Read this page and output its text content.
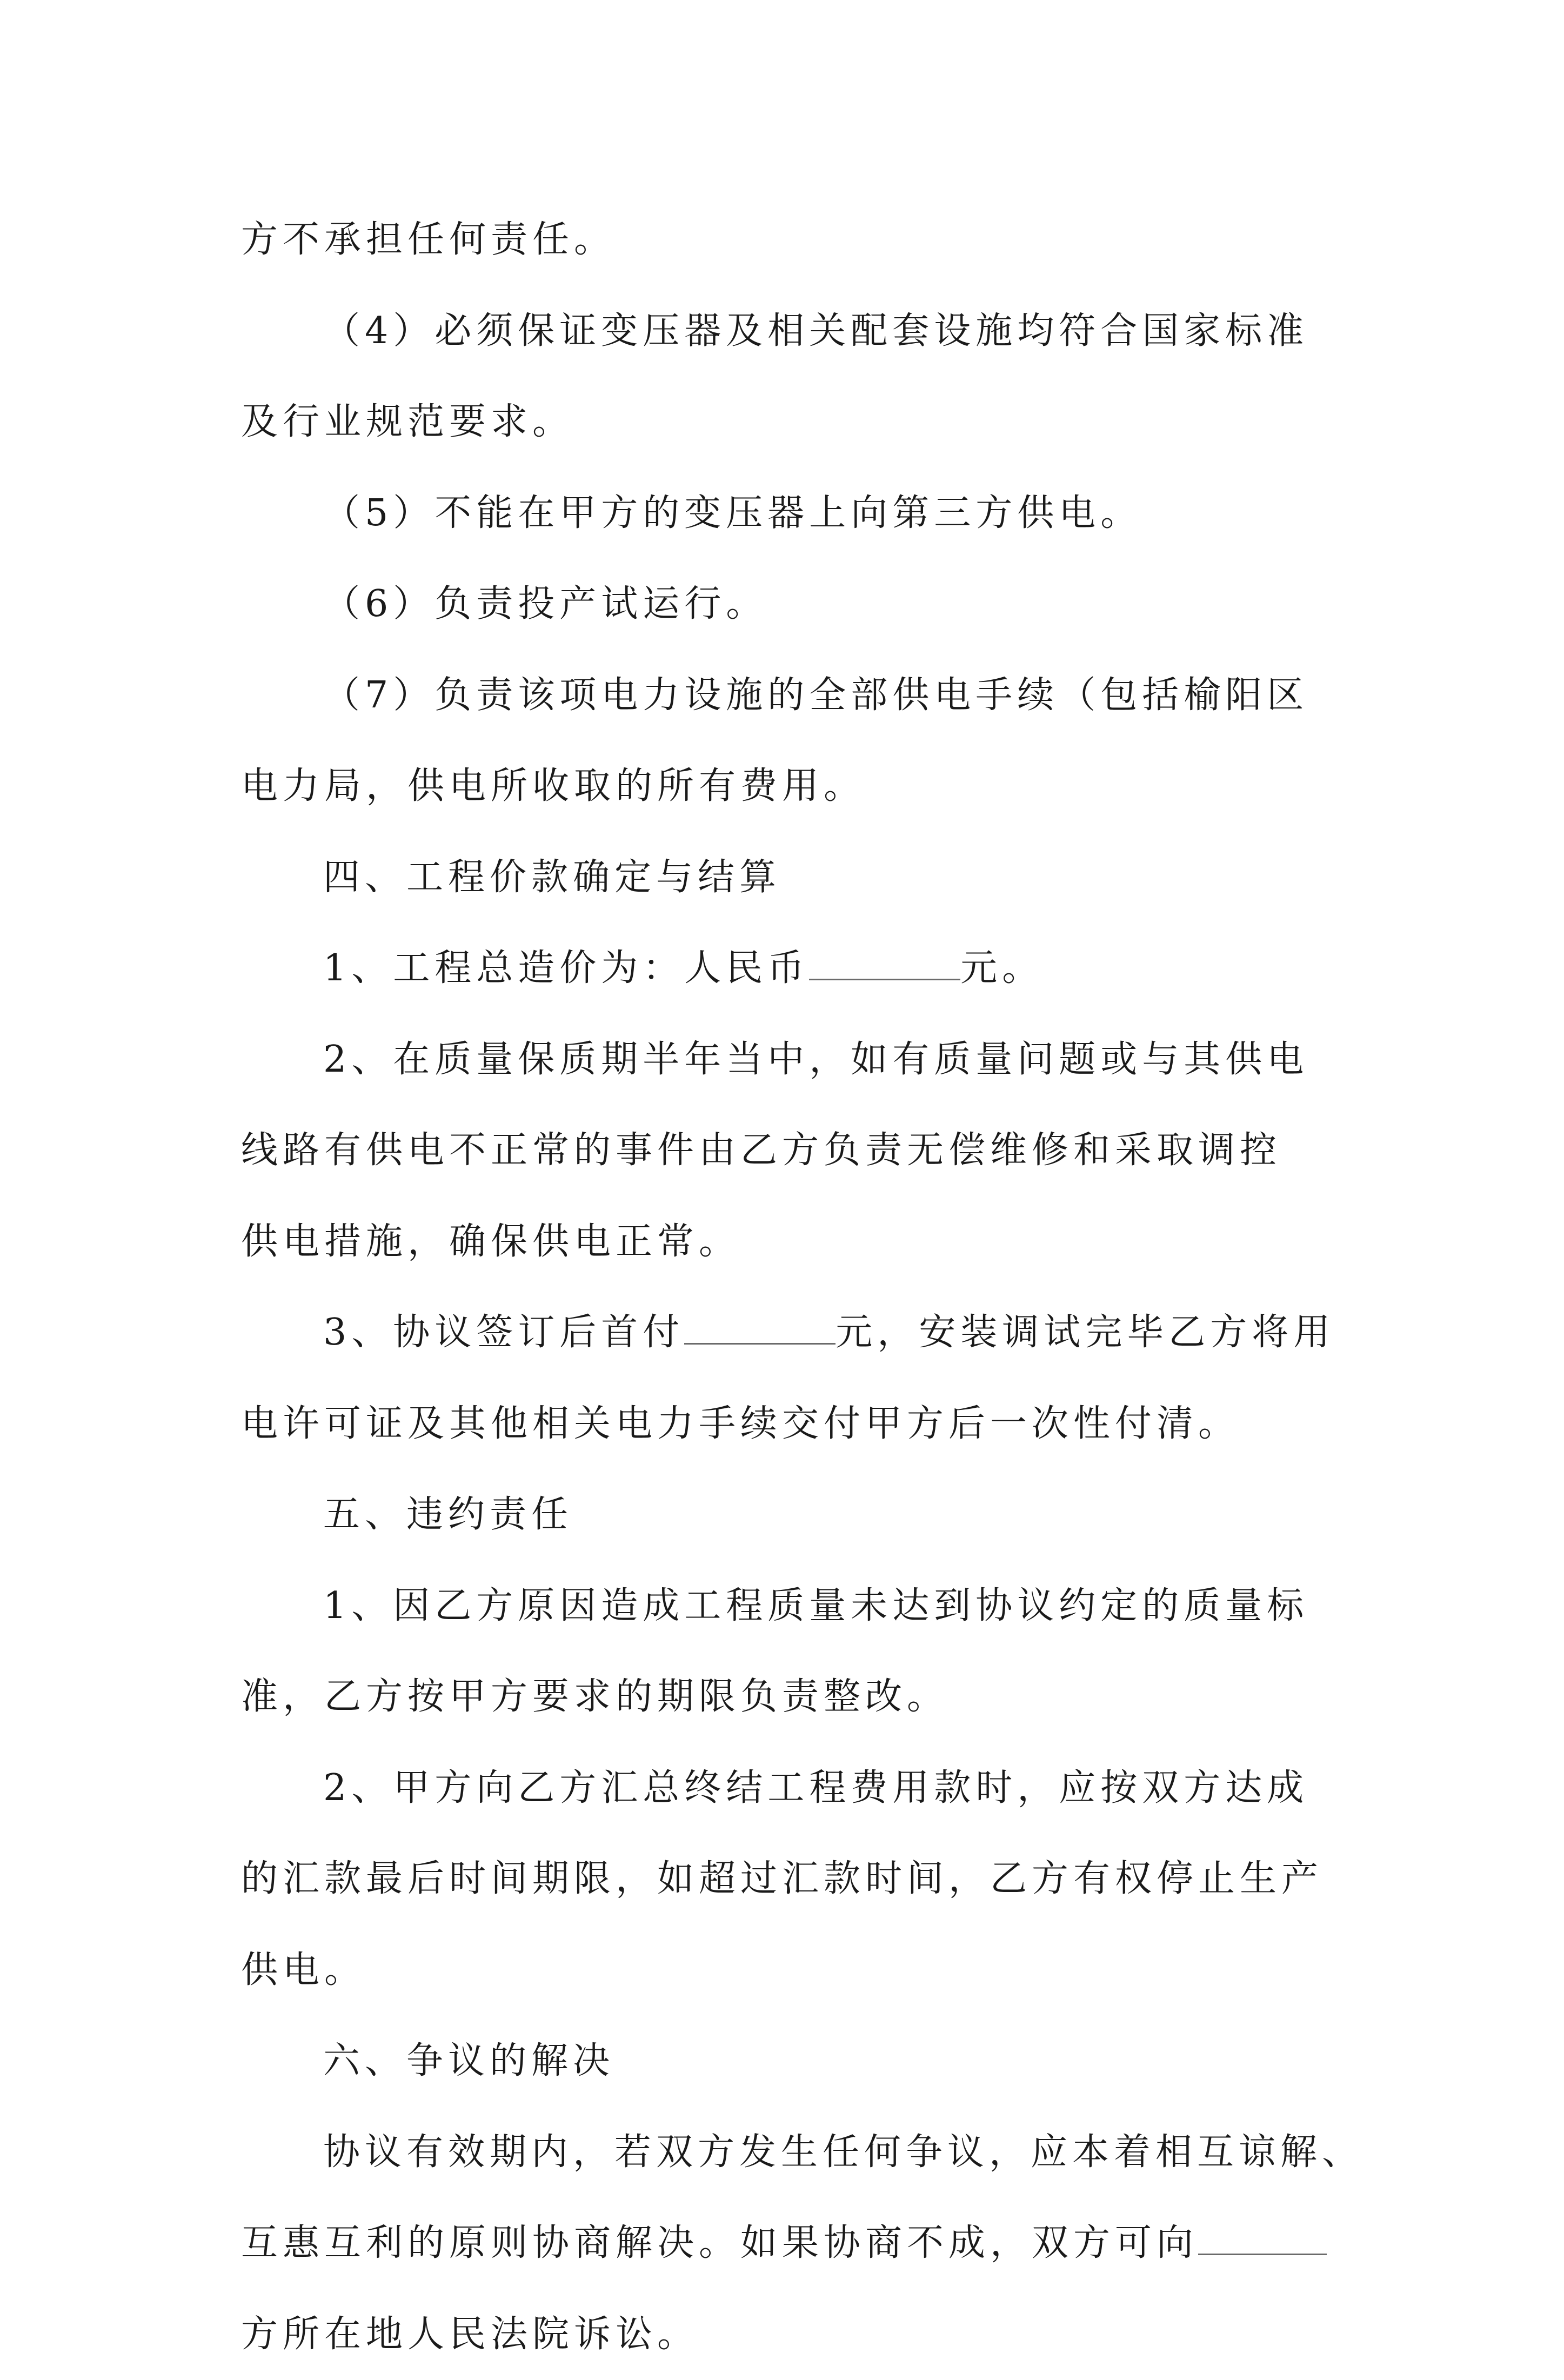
方不承担任何责任。
（4）必须保证变压器及相关配套设施均符合国家标准
及行业规范要求。
（5）不能在甲方的变压器上向第三方供电。
（6）负责投产试运行。
（7）负责该项电力设施的全部供电手续（包括榆阳区
电力局，供电所收取的所有费用。
四、工程价款确定与结算
1、工程总造价为：人民币	元。
2、在质量保质期半年当中，如有质量问题或与其供电
线路有供电不正常的事件由乙方负责无偿维修和采取调控
供电措施，确保供电正常。
3、协议签订后首付	元，安装调试完毕乙方将用
电许可证及其他相关电力手续交付甲方后一次性付清。
五、违约责任
1、因乙方原因造成工程质量未达到协议约定的质量标
准，乙方按甲方要求的期限负责整改。
2、甲方向乙方汇总终结工程费用款时，应按双方达成
的汇款最后时间期限，如超过汇款时间，乙方有权停止生产
供电。
六、争议的解决
协议有效期内，若双方发生任何争议，应本着相互谅解、
互惠互利的原则协商解决。如果协商不成，双方可向
方所在地人民法院诉讼。
